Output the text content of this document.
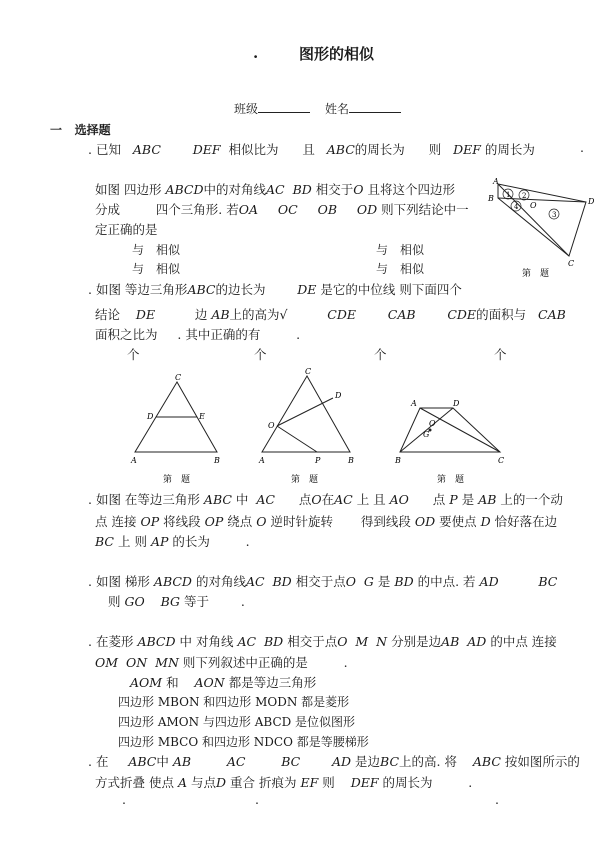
.	图形的相似
班级	姓名
一 选择题
. 已知 ABC	DEF 相似比为 且 ABC的周长为 则 DEF 的周长为	.
如图 四边形 ABCD中的对角线AC BD 相交于O 且将这个四边形
分成	四个三角形. 若OA OC OB OD 则下列结论中一
定正确的是
与　相似	与　相似
与　相似	与　相似
1 2
4
3
A
B	D
O
C
第　题
. 如图 等边三角形ABC的边长为	DE 是它的中位线 则下面四个
结论 DE	边 AB上的高为√	CDE	CAB	CDE的面积与 CAB
面积之比为 . 其中正确的有	.
个	个	个	个
C
D	E
A	B
C
O
D
A	P	B
A	D
G
O
B	C
第　题	第　题	第　题
. 如图 在等边三角形 ABC 中 AC 点O在AC 上 且 AO 点 P 是 AB 上的一个动
点 连接 OP 将线段 OP 绕点 O 逆时针旋转 得到线段 OD 要使点 D 恰好落在边
BC 上 则 AP 的长为	.
. 如图 梯形 ABCD 的对角线AC BD 相交于点O G 是 BD 的中点. 若 AD	BC
则 GO BG 等于	.
. 在菱形 ABCD 中 对角线 AC BD 相交于点O M N 分别是边AB AD 的中点 连接
OM ON MN 则下列叙述中正确的是	.
AOM 和 AON 都是等边三角形
四边形 MBON 和四边形 MODN 都是菱形
四边形 AMON 与四边形 ABCD 是位似图形
四边形 MBCO 和四边形 NDCO 都是等腰梯形
. 在 ABC中 AB	AC	BC	AD 是边BC上的高. 将 ABC 按如图所示的
方式折叠 使点 A 与点D 重合 折痕为 EF 则 DEF 的周长为	.
.	.	.
